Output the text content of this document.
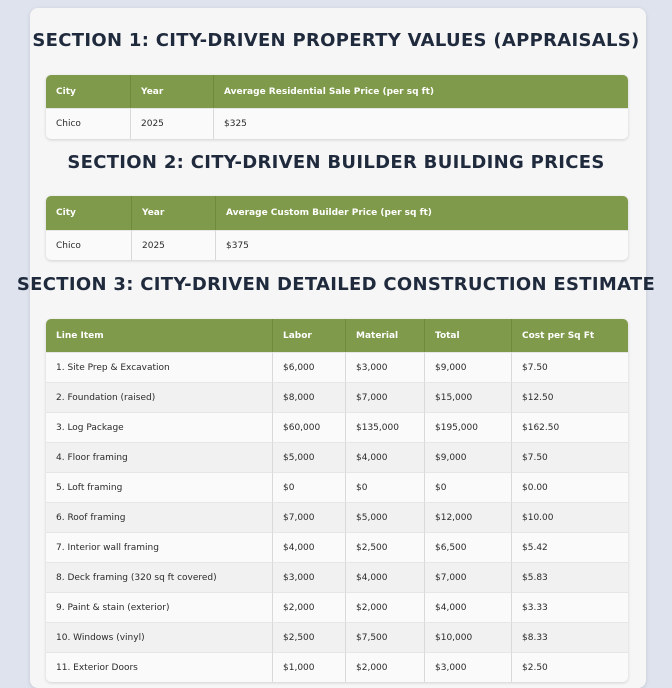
SECTION 1: CITY-DRIVEN PROPERTY VALUES (APPRAISALS)
City	Year	Average Residential Sale Price (per sq ft)
Chico	2025	$325
SECTION 2: CITY-DRIVEN BUILDER BUILDING PRICES
City	Year	Average Custom Builder Price (per sq ft)
Chico	2025	$375
SECTION 3: CITY-DRIVEN DETAILED CONSTRUCTION ESTIMATE
Line Item	Labor	Material	Total	Cost per Sq Ft
1. Site Prep & Excavation	$6,000	$3,000	$9,000	$7.50
2. Foundation (raised)	$8,000	$7,000	$15,000	$12.50
3. Log Package	$60,000	$135,000	$195,000	$162.50
4. Floor framing	$5,000	$4,000	$9,000	$7.50
5. Loft framing	$0	$0	$0	$0.00
6. Roof framing	$7,000	$5,000	$12,000	$10.00
7. Interior wall framing	$4,000	$2,500	$6,500	$5.42
8. Deck framing (320 sq ft covered)	$3,000	$4,000	$7,000	$5.83
9. Paint & stain (exterior)	$2,000	$2,000	$4,000	$3.33
10. Windows (vinyl)	$2,500	$7,500	$10,000	$8.33
11. Exterior Doors	$1,000	$2,000	$3,000	$2.50
